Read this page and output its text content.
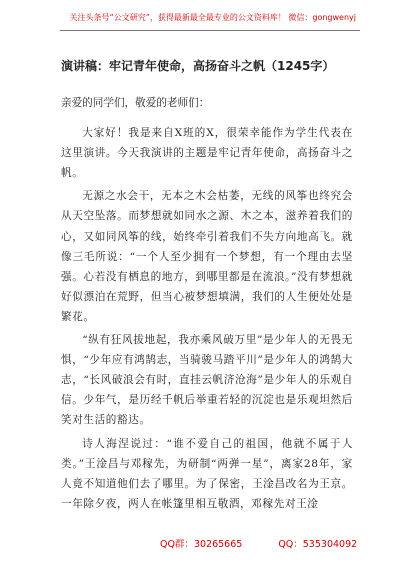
关注头条号“公文研究”，获得最新最全最专业的公文资料库！ 微信：gongwenyj
演讲稿：牢记青年使命，高扬奋斗之帆（1245字）

亲爱的同学们，敬爱的老师们：

大家好！我是来自X班的X，很荣幸能作为学生代表在这里演讲。今天我演讲的主题是牢记青年使命，高扬奋斗之帆。

无源之水会干，无本之木会枯萎，无线的风筝也终究会从天空坠落。而梦想就如同水之源、木之本，滋养着我们的心，又如同风筝的线，始终牵引着我们不失方向地高飞。就像三毛所说：“一个人至少拥有一个梦想，有一个理由去坚强。心若没有栖息的地方，到哪里都是在流浪。”没有梦想就好似漂泊在荒野，但当心被梦想填满，我们的人生便处处是繁花。

“纵有狂风拔地起，我亦乘风破万里”是少年人的无畏无惧，“少年应有鸿鹄志，当骑骏马踏平川”是少年人的鸿鹄大志，“长风破浪会有时，直挂云帆济沧海”是少年人的乐观自信。少年气，是历经千帆后举重若轻的沉淀也是乐观坦然后笑对生活的豁达。

诗人海涅说过：“谁不爱自己的祖国，他就不属于人类。”王淦昌与邓稼先，为研制“两弹一星”，离家28年，家人竟不知道他们去了哪里。为了保密，王淦昌改名为王京。一年除夕夜，两人在帐篷里相互敬酒，邓稼先对王淦

QQ群：30265665	QQ：535304092
